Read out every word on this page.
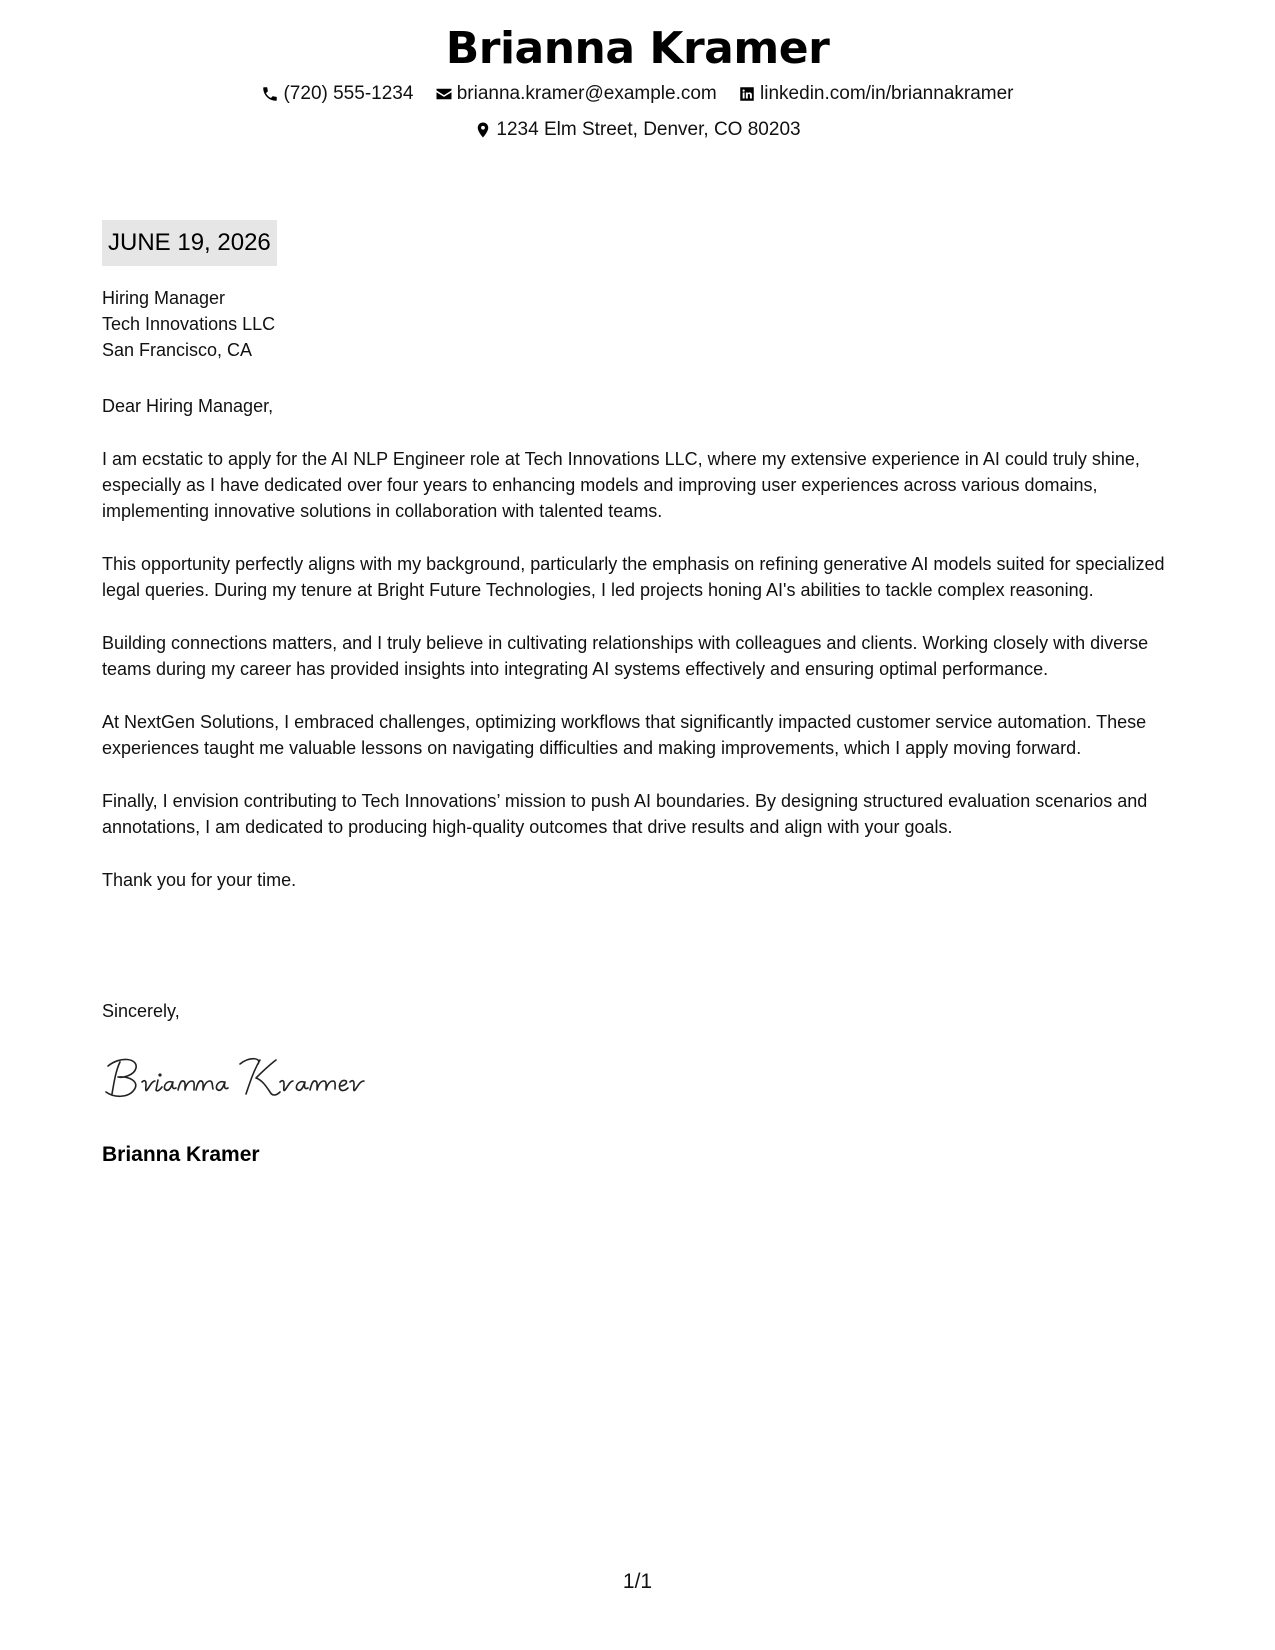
Brianna Kramer
(720) 555-1234
brianna.kramer@example.com
linkedin.com/in/briannakramer
1234 Elm Street, Denver, CO 80203
JUNE 19, 2026
Hiring Manager
Tech Innovations LLC
San Francisco, CA

Dear Hiring Manager,

I am ecstatic to apply for the AI NLP Engineer role at Tech Innovations LLC, where my extensive experience in AI could truly shine, especially as I have dedicated over four years to enhancing models and improving user experiences across various domains, implementing innovative solutions in collaboration with talented teams.

This opportunity perfectly aligns with my background, particularly the emphasis on refining generative AI models suited for specialized legal queries. During my tenure at Bright Future Technologies, I led projects honing AI's abilities to tackle complex reasoning.

Building connections matters, and I truly believe in cultivating relationships with colleagues and clients. Working closely with diverse teams during my career has provided insights into integrating AI systems effectively and ensuring optimal performance.

At NextGen Solutions, I embraced challenges, optimizing workflows that significantly impacted customer service automation. These experiences taught me valuable lessons on navigating difficulties and making improvements, which I apply moving forward.

Finally, I envision contributing to Tech Innovations’ mission to push AI boundaries. By designing structured evaluation scenarios and annotations, I am dedicated to producing high-quality outcomes that drive results and align with your goals.

Thank you for your time.

Sincerely,
Brianna Kramer
1/1
